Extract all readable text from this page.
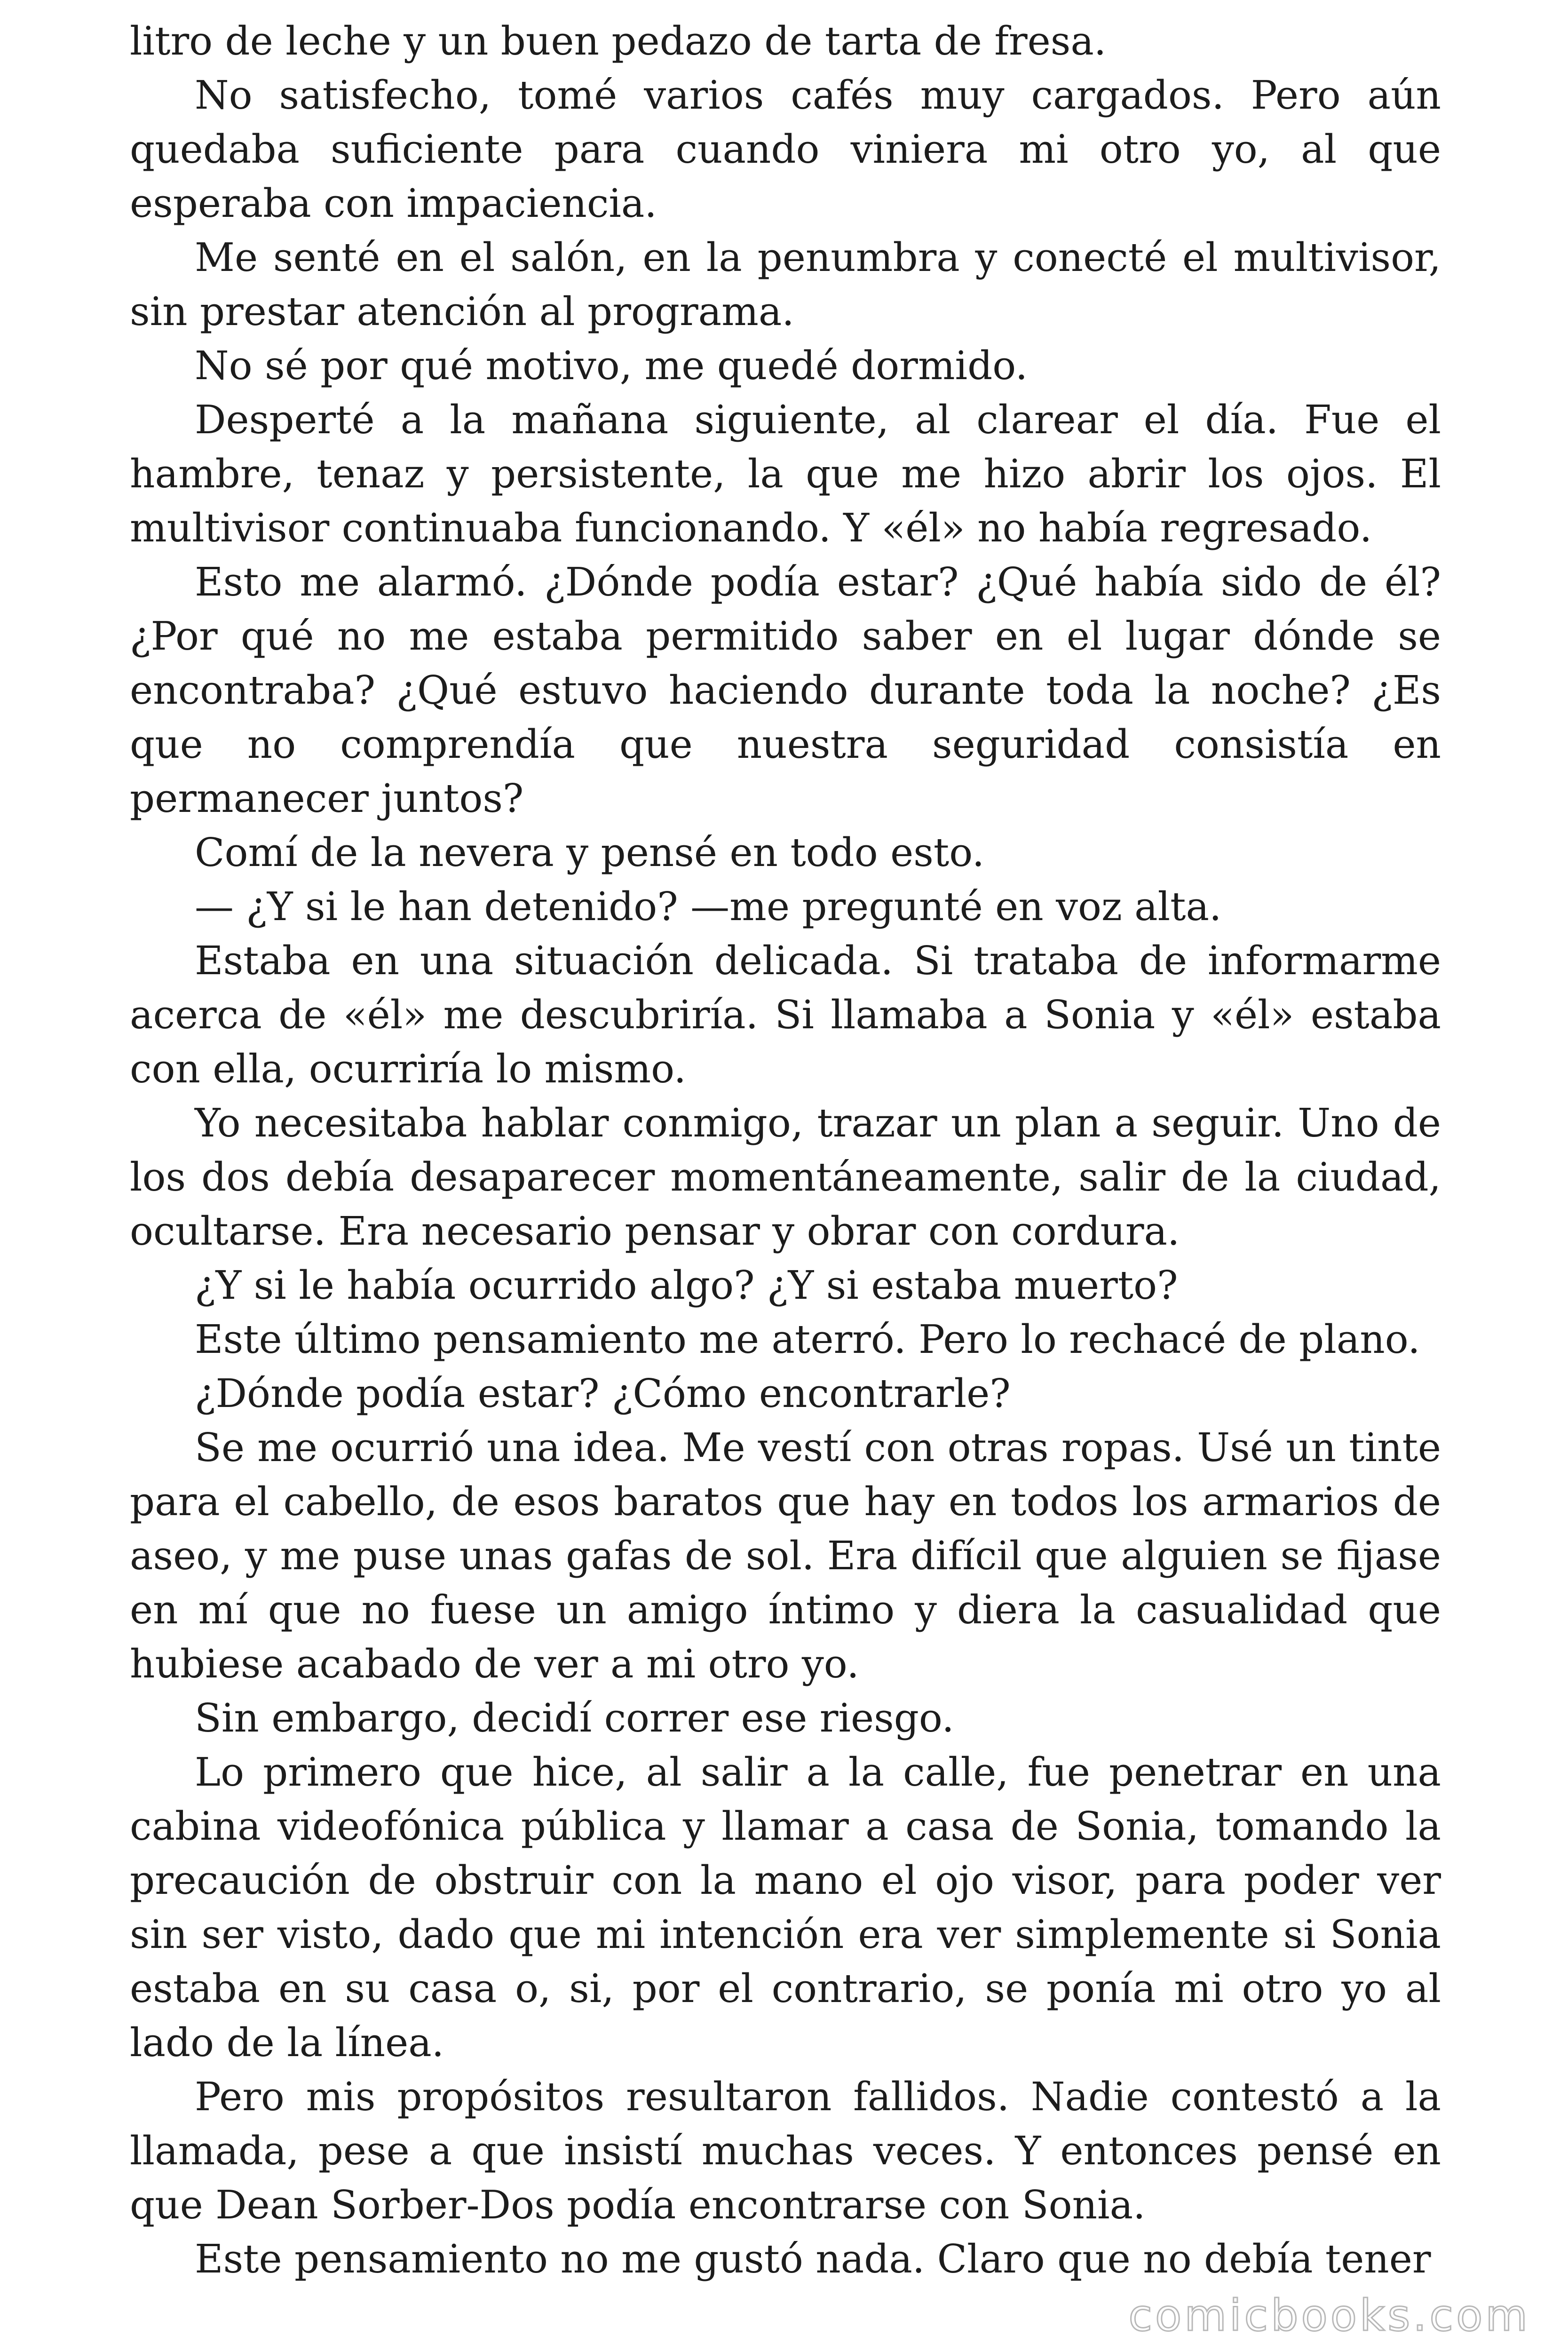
litro de leche y un buen pedazo de tarta de fresa.

No satisfecho, tomé varios cafés muy cargados. Pero aún quedaba suficiente para cuando viniera mi otro yo, al que esperaba con impaciencia.

Me senté en el salón, en la penumbra y conecté el multivisor, sin prestar atención al programa.

No sé por qué motivo, me quedé dormido.

Desperté a la mañana siguiente, al clarear el día. Fue el hambre, tenaz y persistente, la que me hizo abrir los ojos. El multivisor continuaba funcionando. Y «él» no había regresado.

Esto me alarmó. ¿Dónde podía estar? ¿Qué había sido de él? ¿Por qué no me estaba permitido saber en el lugar dónde se encontraba? ¿Qué estuvo haciendo durante toda la noche? ¿Es que no comprendía que nuestra seguridad consistía en permanecer juntos?

Comí de la nevera y pensé en todo esto.

— ¿Y si le han detenido? —me pregunté en voz alta.

Estaba en una situación delicada. Si trataba de informarme acerca de «él» me descubriría. Si llamaba a Sonia y «él» estaba con ella, ocurriría lo mismo.

Yo necesitaba hablar conmigo, trazar un plan a seguir. Uno de los dos debía desaparecer momentáneamente, salir de la ciudad, ocultarse. Era necesario pensar y obrar con cordura.

¿Y si le había ocurrido algo? ¿Y si estaba muerto?

Este último pensamiento me aterró. Pero lo rechacé de plano.

¿Dónde podía estar? ¿Cómo encontrarle?

Se me ocurrió una idea. Me vestí con otras ropas. Usé un tinte para el cabello, de esos baratos que hay en todos los armarios de aseo, y me puse unas gafas de sol. Era difícil que alguien se fijase en mí que no fuese un amigo íntimo y diera la casualidad que hubiese acabado de ver a mi otro yo.

Sin embargo, decidí correr ese riesgo.

Lo primero que hice, al salir a la calle, fue penetrar en una cabina videofónica pública y llamar a casa de Sonia, tomando la precaución de obstruir con la mano el ojo visor, para poder ver sin ser visto, dado que mi intención era ver simplemente si Sonia estaba en su casa o, si, por el contrario, se ponía mi otro yo al lado de la línea.

Pero mis propósitos resultaron fallidos. Nadie contestó a la llamada, pese a que insistí muchas veces. Y entonces pensé en que Dean Sorber-Dos podía encontrarse con Sonia.

Este pensamiento no me gustó nada. Claro que no debía tener

comicbooks.com
